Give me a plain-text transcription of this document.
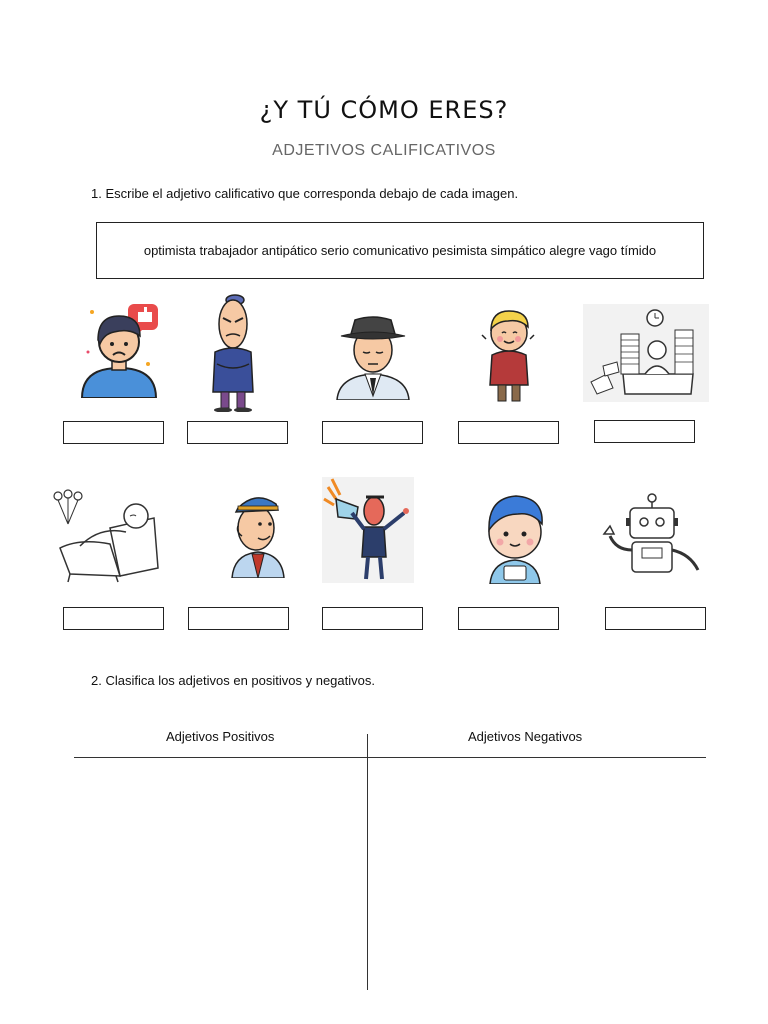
¿Y TÚ CÓMO ERES?
ADJETIVOS CALIFICATIVOS
1. Escribe el adjetivo calificativo que corresponda debajo de cada imagen.
optimista trabajador antipático serio comunicativo pesimista simpático alegre vago tímido
2. Clasifica los adjetivos en positivos y negativos.
Adjetivos Positivos	Adjetivos Negativos
